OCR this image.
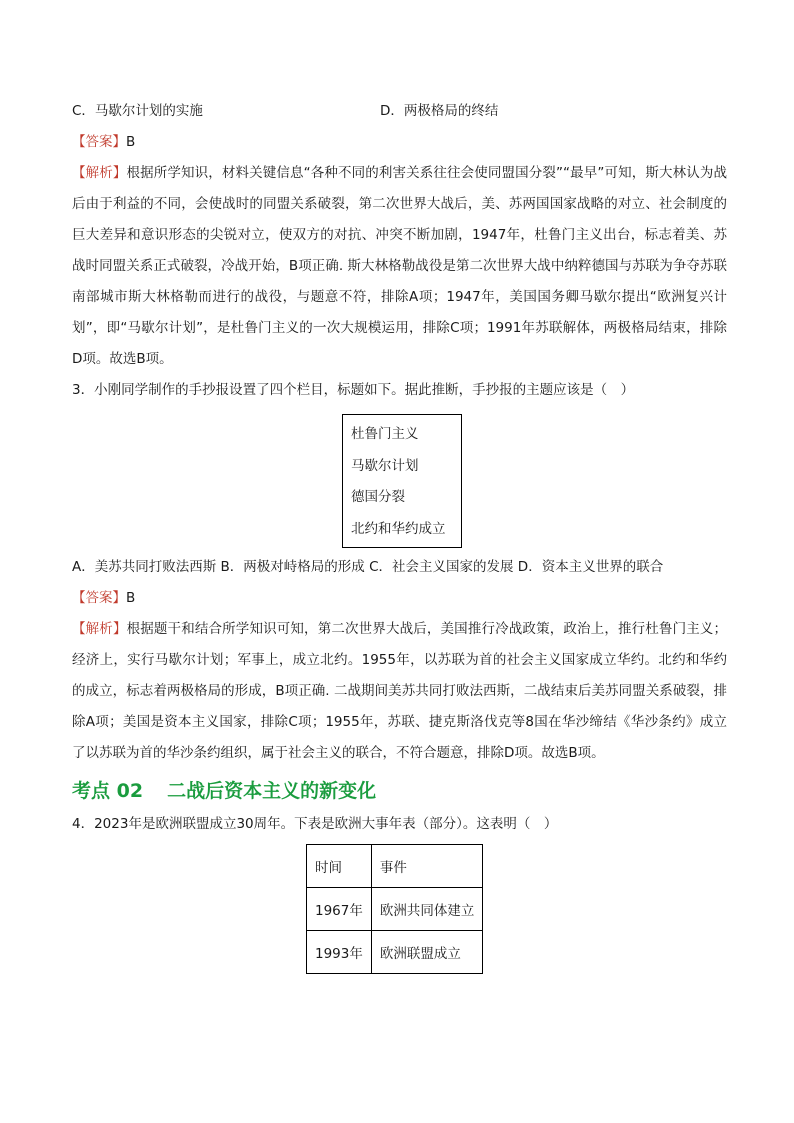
C．马歇尔计划的实施	D．两极格局的终结
【答案】B
【解析】根据所学知识，材料关键信息“各种不同的利害关系往往会使同盟国分裂”“最早”可知，斯大林认为战后由于利益的不同，会使战时的同盟关系破裂，第二次世界大战后，美、苏两国国家战略的对立、社会制度的巨大差异和意识形态的尖锐对立，使双方的对抗、冲突不断加剧，1947年，杜鲁门主义出台，标志着美、苏战时同盟关系正式破裂，冷战开始，B项正确. 斯大林格勒战役是第二次世界大战中纳粹德国与苏联为争夺苏联南部城市斯大林格勒而进行的战役，与题意不符，排除A项；1947年，美国国务卿马歇尔提出“欧洲复兴计划”，即“马歇尔计划”，是杜鲁门主义的一次大规模运用，排除C项；1991年苏联解体，两极格局结束，排除D项。故选B项。
3．小刚同学制作的手抄报设置了四个栏目，标题如下。据此推断，手抄报的主题应该是（　）
杜鲁门主义
马歇尔计划
德国分裂
北约和华约成立
A．美苏共同打败法西斯 B．两极对峙格局的形成 C．社会主义国家的发展 D．资本主义世界的联合
【答案】B
【解析】根据题干和结合所学知识可知，第二次世界大战后，美国推行冷战政策，政治上，推行杜鲁门主义；经济上，实行马歇尔计划；军事上，成立北约。1955年，以苏联为首的社会主义国家成立华约。北约和华约的成立，标志着两极格局的形成，B项正确. 二战期间美苏共同打败法西斯，二战结束后美苏同盟关系破裂，排除A项；美国是资本主义国家，排除C项；1955年，苏联、捷克斯洛伐克等8国在华沙缔结《华沙条约》成立了以苏联为首的华沙条约组织，属于社会主义的联合，不符合题意，排除D项。故选B项。
考点 02 二战后资本主义的新变化
4．2023年是欧洲联盟成立30周年。下表是欧洲大事年表（部分）。这表明（　）
时间	事件
1967年	欧洲共同体建立
1993年	欧洲联盟成立
